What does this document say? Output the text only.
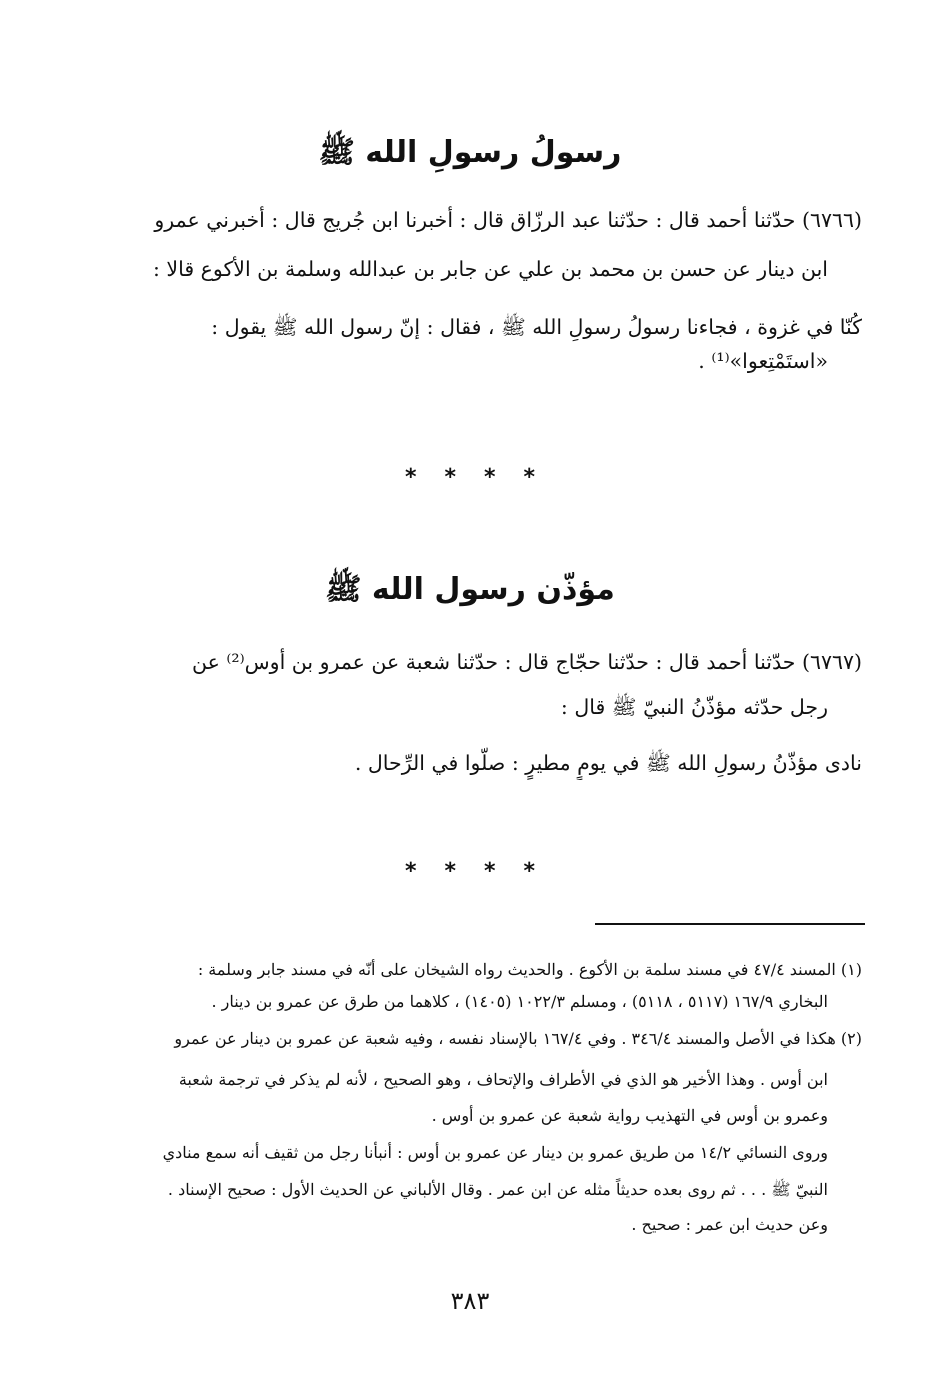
رسولُ رسولِ الله ﷺ
(٦٧٦٦) حدّثنا أحمد قال : حدّثنا عبد الرزّاق قال : أخبرنا ابن جُريج قال : أخبرني عمرو
ابن دينار عن حسن بن محمد بن علي عن جابر بن عبدالله وسلمة بن الأكوع قالا :
كُنّا في غزوة ، فجاءنا رسولُ رسولِ الله ﷺ ، فقال : إنّ رسول الله ﷺ يقول :
«استَمْتِعوا»⁽¹⁾ .
****
مؤذّن رسول الله ﷺ
(٦٧٦٧) حدّثنا أحمد قال : حدّثنا حجّاج قال : حدّثنا شعبة عن عمرو بن أوس⁽²⁾ عن
رجل حدّثه مؤذّنُ النبيّ ﷺ قال :
نادى مؤذّنُ رسولِ الله ﷺ في يومٍ مطيرٍ : صلّوا في الرِّحال .
****
(١) المسند ٤٧/٤ في مسند سلمة بن الأكوع . والحديث رواه الشيخان على أنّه في مسند جابر وسلمة :
البخاري ١٦٧/٩ (٥١١٧ ، ٥١١٨) ، ومسلم ١٠٢٢/٣ (١٤٠٥) ، كلاهما من طرق عن عمرو بن دينار .
(٢) هكذا في الأصل والمسند ٣٤٦/٤ . وفي ١٦٧/٤ بالإسناد نفسه ، وفيه شعبة عن عمرو بن دينار عن عمرو
ابن أوس . وهذا الأخير هو الذي في الأطراف والإتحاف ، وهو الصحيح ، لأنه لم يذكر في ترجمة شعبة
وعمرو بن أوس في التهذيب رواية شعبة عن عمرو بن أوس .
وروى النسائي ١٤/٢ من طريق عمرو بن دينار عن عمرو بن أوس : أنبأنا رجل من ثقيف أنه سمع منادي
النبيّ ﷺ . . . ثم روى بعده حديثاً مثله عن ابن عمر . وقال الألباني عن الحديث الأول : صحيح الإسناد .
وعن حديث ابن عمر : صحيح .
٣٨٣
